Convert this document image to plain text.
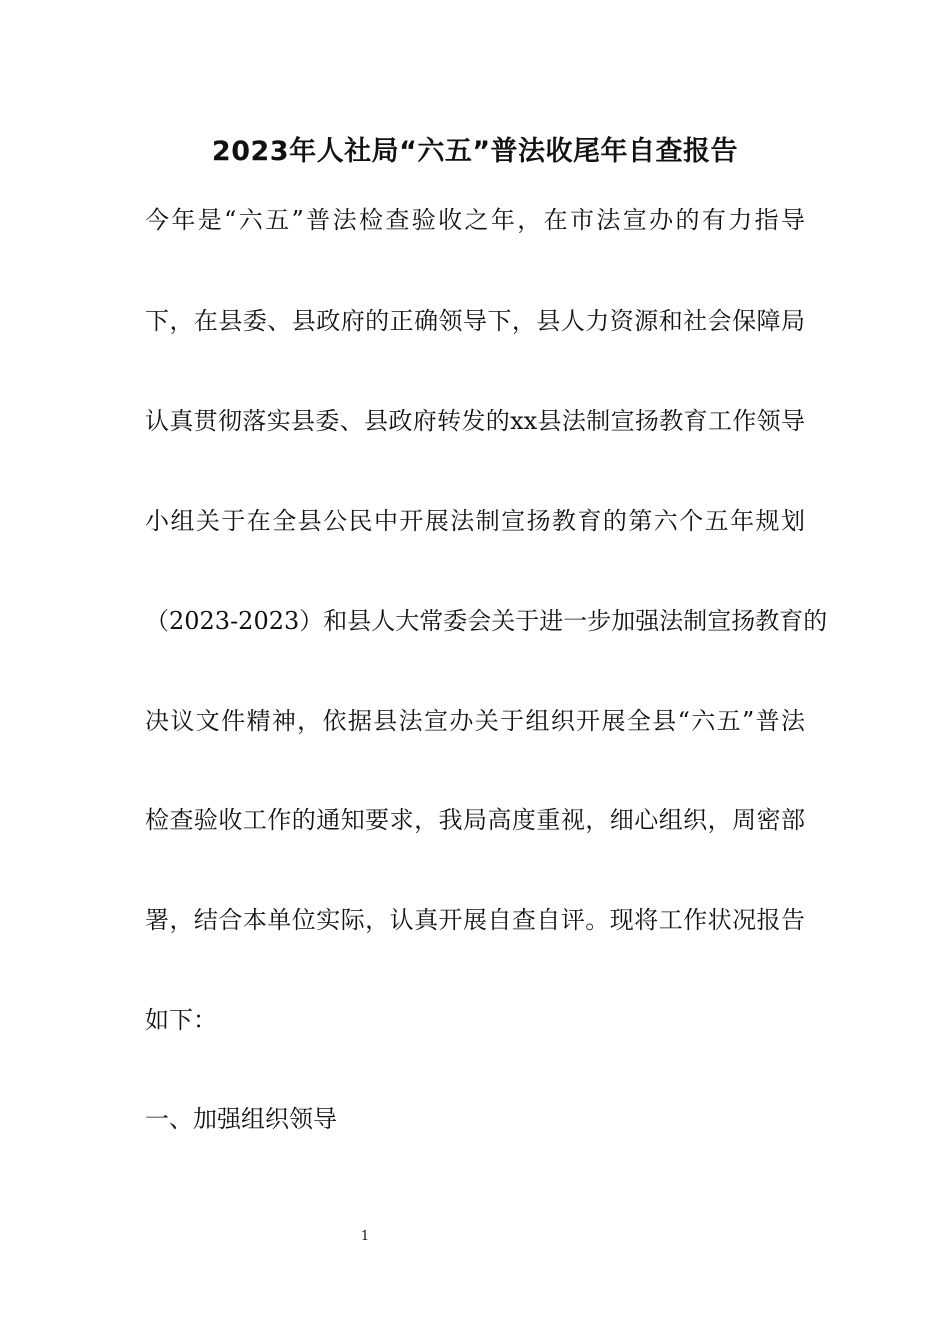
2023年人社局“六五”普法收尾年自查报告
今年是“六五”普法检查验收之年，在市法宣办的有力指导
下，在县委、县政府的正确领导下，县人力资源和社会保障局
认真贯彻落实县委、县政府转发的xx县法制宣扬教育工作领导
小组关于在全县公民中开展法制宣扬教育的第六个五年规划
（2023-2023）和县人大常委会关于进一步加强法制宣扬教育的
决议文件精神，依据县法宣办关于组织开展全县“六五”普法
检查验收工作的通知要求，我局高度重视，细心组织，周密部
署，结合本单位实际，认真开展自查自评。现将工作状况报告
如下：
一、加强组织领导
1
